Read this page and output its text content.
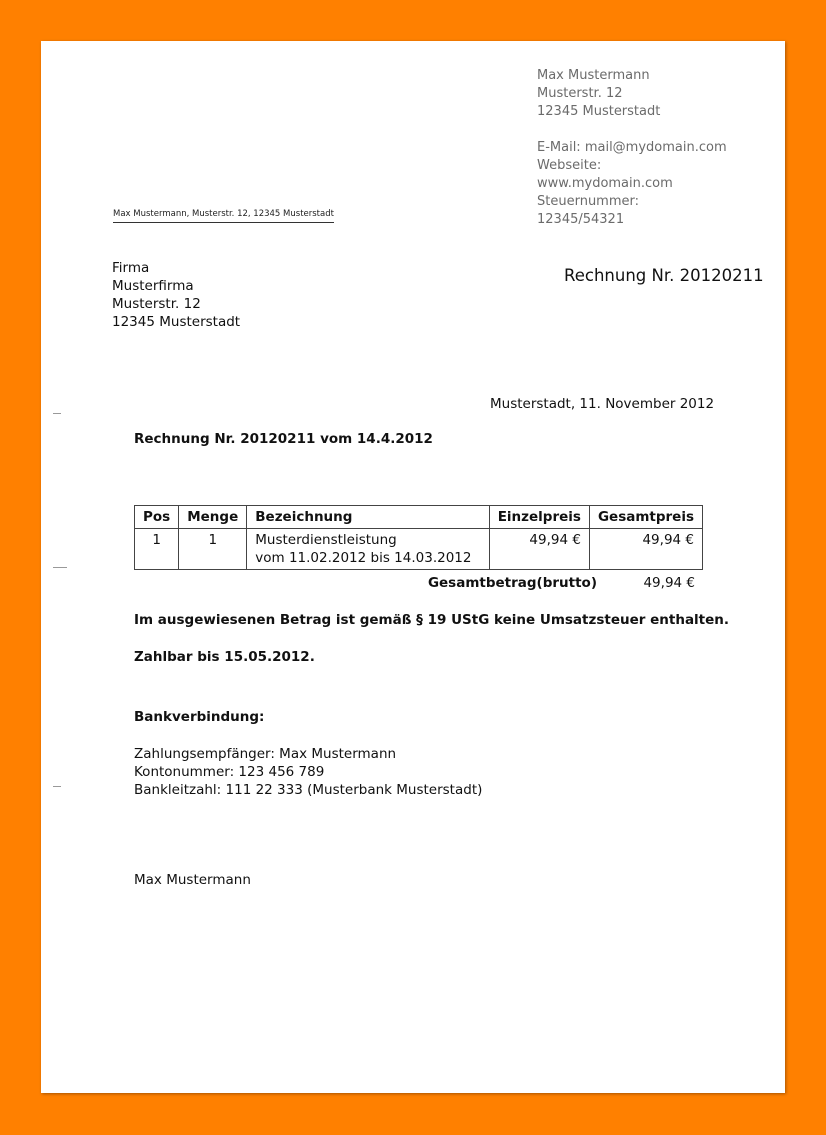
Max Mustermann
Musterstr. 12
12345 Musterstadt
E-Mail: mail@mydomain.com
Webseite:
www.mydomain.com
Steuernummer:
12345/54321
Max Mustermann, Musterstr. 12, 12345 Musterstadt
Firma
Musterfirma
Musterstr. 12
12345 Musterstadt
Rechnung Nr. 20120211
Musterstadt, 11. November 2012
Rechnung Nr. 20120211 vom 14.4.2012
Pos	Menge	Bezeichnung	Einzelpreis	Gesamtpreis
1	1	Musterdienstleistung
vom 11.02.2012 bis 14.03.2012	49,94 €	49,94 €
Gesamtbetrag(brutto)	49,94 €
Im ausgewiesenen Betrag ist gemäß § 19 UStG keine Umsatzsteuer enthalten.
Zahlbar bis 15.05.2012.
Bankverbindung:
Zahlungsempfänger: Max Mustermann
Kontonummer: 123 456 789
Bankleitzahl: 111 22 333 (Musterbank Musterstadt)
Max Mustermann
